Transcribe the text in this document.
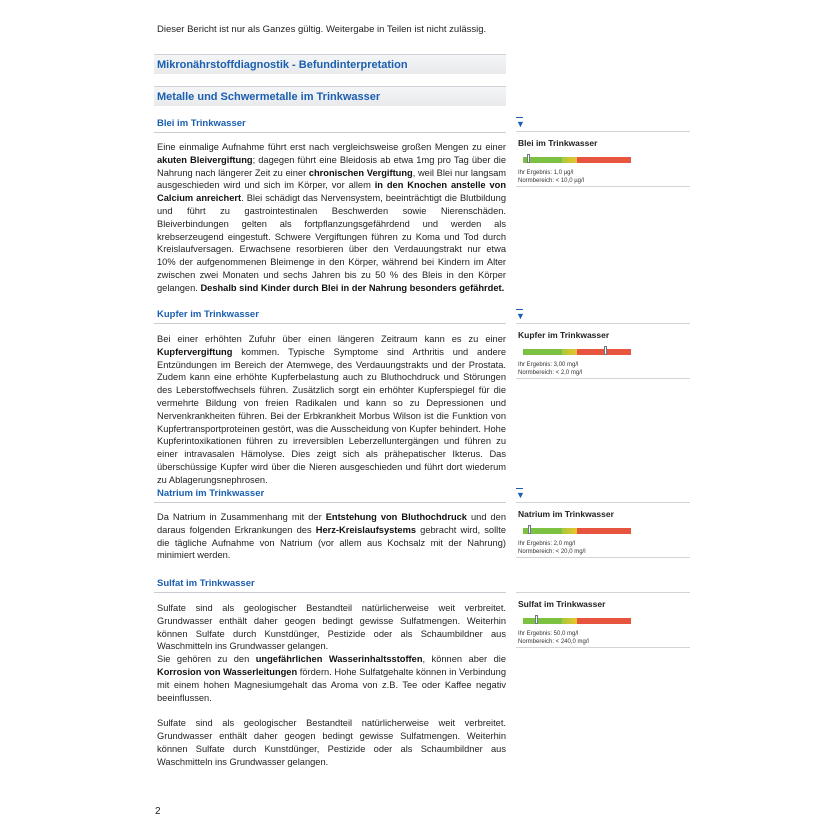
Dieser Bericht ist nur als Ganzes gültig. Weitergabe in Teilen ist nicht zulässig.
Mikronährstoffdiagnostik - Befundinterpretation
Metalle und Schwermetalle im Trinkwasser
Blei im Trinkwasser
Eine einmalige Aufnahme führt erst nach vergleichsweise großen Mengen zu einer akuten Bleivergiftung; dagegen führt eine Bleidosis ab etwa 1mg pro Tag über die Nahrung nach längerer Zeit zu einer chronischen Vergiftung, weil Blei nur langsam ausgeschieden wird und sich im Körper, vor allem in den Knochen anstelle von Calcium anreichert. Blei schädigt das Nervensystem, beeinträchtigt die Blutbildung und führt zu gastrointestinalen Beschwerden sowie Nierenschäden. Bleiverbindungen gelten als fortpflanzungsgefährdend und werden als krebserzeugend eingestuft. Schwere Vergiftungen führen zu Koma und Tod durch Kreislaufversagen. Erwachsene resorbieren über den Verdauungstrakt nur etwa 10% der aufgenommenen Bleimenge in den Körper, während bei Kindern im Alter zwischen zwei Monaten und sechs Jahren bis zu 50 % des Bleis in den Körper gelangen. Deshalb sind Kinder durch Blei in der Nahrung besonders gefährdet.
Kupfer im Trinkwasser
Bei einer erhöhten Zufuhr über einen längeren Zeitraum kann es zu einer Kupfervergiftung kommen. Typische Symptome sind Arthritis und andere Entzündungen im Bereich der Atemwege, des Verdauungstrakts und der Prostata. Zudem kann eine erhöhte Kupferbelastung auch zu Bluthochdruck und Störungen des Leberstoffwechsels führen. Zusätzlich sorgt ein erhöhter Kupferspiegel für die vermehrte Bildung von freien Radikalen und kann so zu Depressionen und Nervenkrankheiten führen. Bei der Erbkrankheit Morbus Wilson ist die Funktion von Kupfertransportproteinen gestört, was die Ausscheidung von Kupfer behindert. Hohe Kupferintoxikationen führen zu irreversiblen Leberzelluntergängen und führen zu einer intravasalen Hämolyse. Dies zeigt sich als prähepatischer Ikterus. Das überschüssige Kupfer wird über die Nieren ausgeschieden und führt dort wiederum zu Ablagerungsnephrosen.
Natrium im Trinkwasser
Da Natrium in Zusammenhang mit der Entstehung von Bluthochdruck und den daraus folgenden Erkrankungen des Herz-Kreislaufsystems gebracht wird, sollte die tägliche Aufnahme von Natrium (vor allem aus Kochsalz mit der Nahrung) minimiert werden.
Sulfat im Trinkwasser
Sulfate sind als geologischer Bestandteil natürlicherweise weit verbreitet. Grundwasser enthält daher geogen bedingt gewisse Sulfatmengen. Weiterhin können Sulfate durch Kunstdünger, Pestizide oder als Schaumbildner aus Waschmitteln ins Grundwasser gelangen.
Sie gehören zu den ungefährlichen Wasserinhaltsstoffen, können aber die Korrosion von Wasserleitungen fördern. Hohe Sulfatgehalte können in Verbindung mit einem hohen Magnesiumgehalt das Aroma von z.B. Tee oder Kaffee negativ beeinflussen.
Sulfate sind als geologischer Bestandteil natürlicherweise weit verbreitet. Grundwasser enthält daher geogen bedingt gewisse Sulfatmengen. Weiterhin können Sulfate durch Kunstdünger, Pestizide oder als Schaumbildner aus Waschmitteln ins Grundwasser gelangen.
▼
▼
▼
Blei im Trinkwasser
Ihr Ergebnis: 1,0 µg/l
Normbereich: < 10,0 µg/l
Kupfer im Trinkwasser
Ihr Ergebnis: 3,00 mg/l
Normbereich: < 2,0 mg/l
Natrium im Trinkwasser
Ihr Ergebnis: 2,0 mg/l
Normbereich: < 20,0 mg/l
Sulfat im Trinkwasser
Ihr Ergebnis: 50,0 mg/l
Normbereich: < 240,0 mg/l
2
